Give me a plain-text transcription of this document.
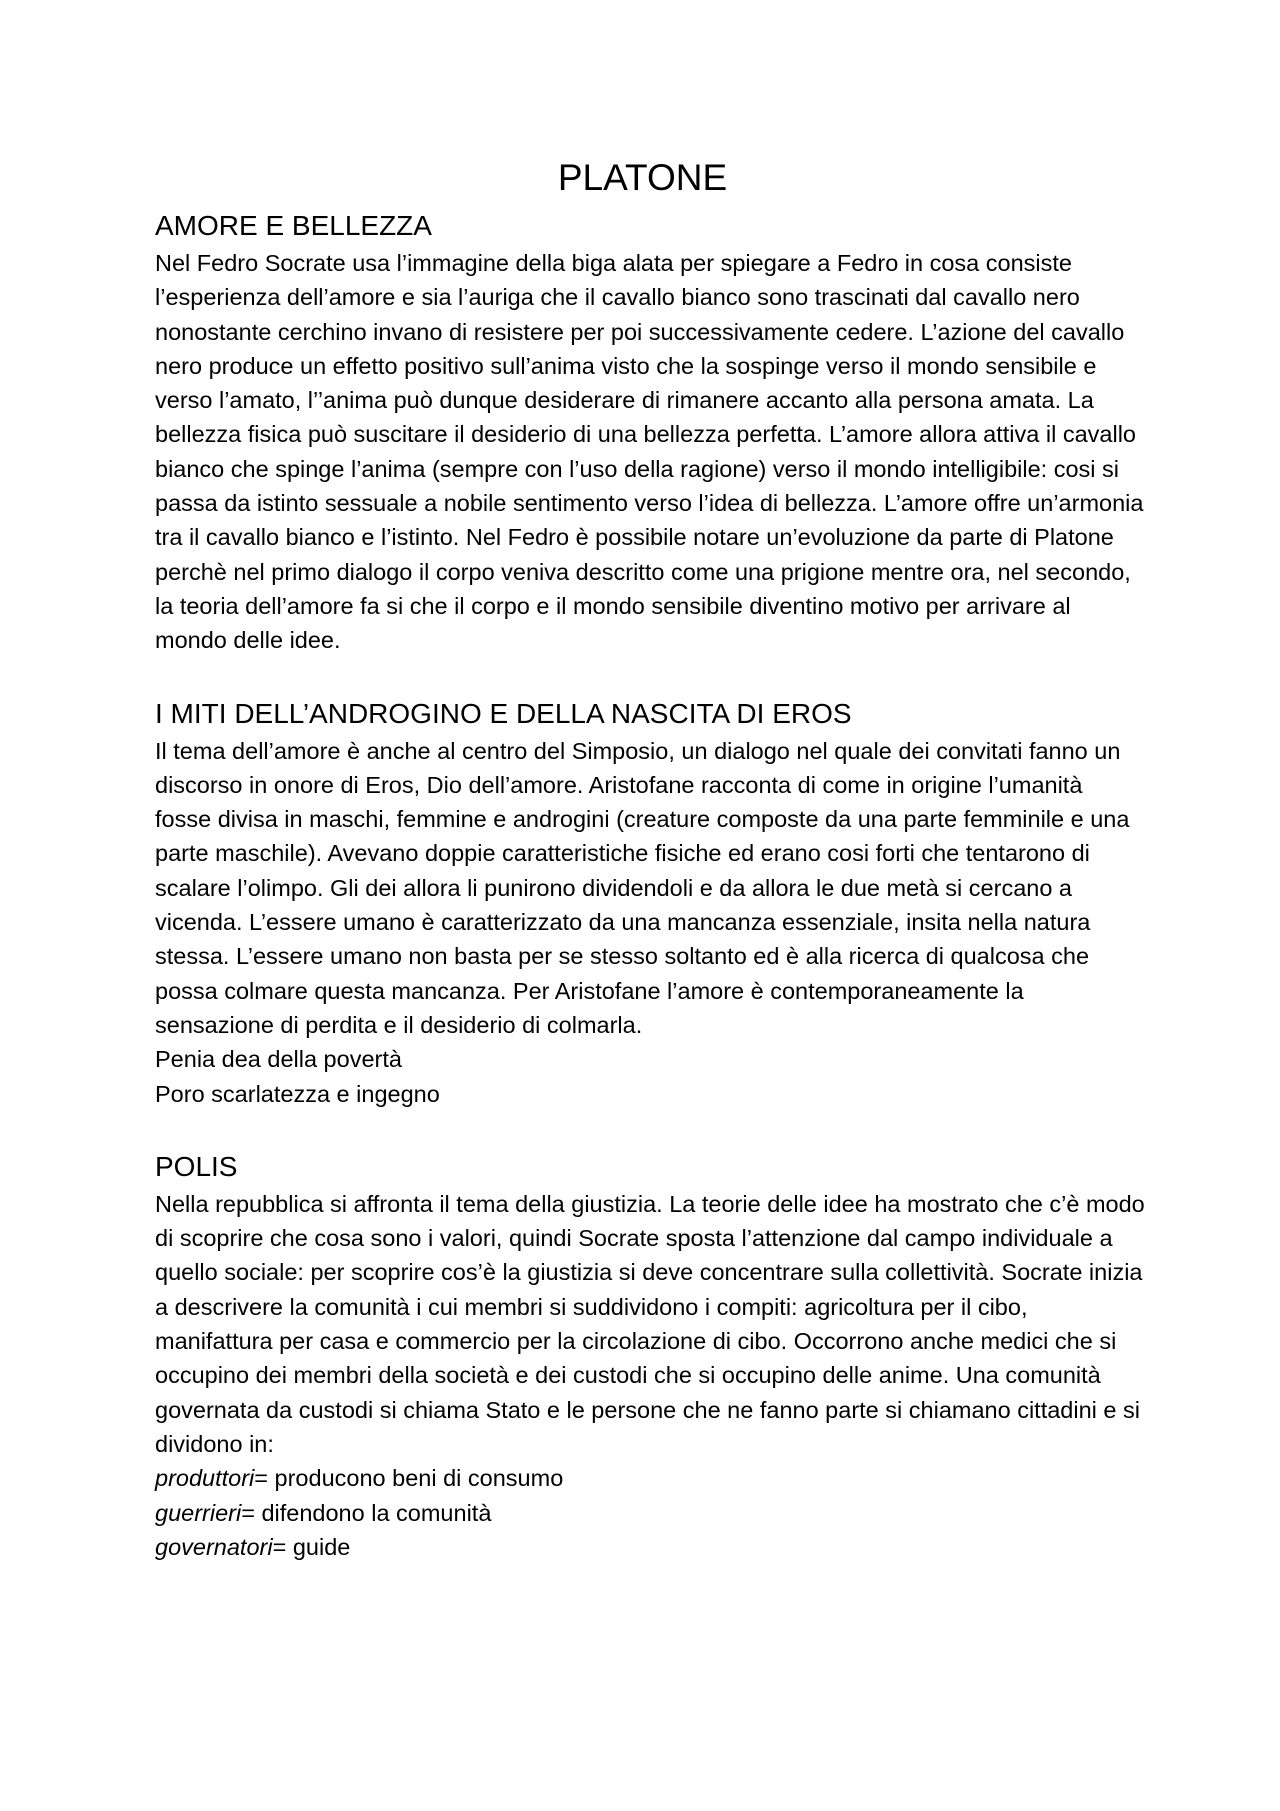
PLATONE
AMORE E BELLEZZA

Nel Fedro Socrate usa l’immagine della biga alata per spiegare a Fedro in cosa consiste l’esperienza dell’amore e sia l’auriga che il cavallo bianco sono trascinati dal cavallo nero nonostante cerchino invano di resistere per poi successivamente cedere. L’azione del cavallo nero produce un effetto positivo sull’anima visto che la sospinge verso il mondo sensibile e verso l’amato, l’’anima può dunque desiderare di rimanere accanto alla persona amata. La bellezza fisica può suscitare il desiderio di una bellezza perfetta. L’amore allora attiva il cavallo bianco che spinge l’anima (sempre con l’uso della ragione) verso il mondo intelligibile: cosi si passa da istinto sessuale a nobile sentimento verso l’idea di bellezza. L’amore offre un’armonia tra il cavallo bianco e l’istinto. Nel Fedro è possibile notare un’evoluzione da parte di Platone perchè nel primo dialogo il corpo veniva descritto come una prigione mentre ora, nel secondo, la teoria dell’amore fa si che il corpo e il mondo sensibile diventino motivo per arrivare al mondo delle idee.

I MITI DELL’ANDROGINO E DELLA NASCITA DI EROS

Il tema dell’amore è anche al centro del Simposio, un dialogo nel quale dei convitati fanno un discorso in onore di Eros, Dio dell’amore. Aristofane racconta di come in origine l’umanità fosse divisa in maschi, femmine e androgini (creature composte da una parte femminile e una parte maschile). Avevano doppie caratteristiche fisiche ed erano cosi forti che tentarono di scalare l’olimpo. Gli dei allora li punirono dividendoli e da allora le due metà si cercano a vicenda. L’essere umano è caratterizzato da una mancanza essenziale, insita nella natura stessa. L’essere umano non basta per se stesso soltanto ed è alla ricerca di qualcosa che possa colmare questa mancanza. Per Aristofane l’amore è contemporaneamente la sensazione di perdita e il desiderio di colmarla.

Penia dea della povertà
Poro scarlatezza e ingegno
POLIS

Nella repubblica si affronta il tema della giustizia. La teorie delle idee ha mostrato che c’è modo di scoprire che cosa sono i valori, quindi Socrate sposta l’attenzione dal campo individuale a quello sociale: per scoprire cos’è la giustizia si deve concentrare sulla collettività. Socrate inizia a descrivere la comunità i cui membri si suddividono i compiti: agricoltura per il cibo, manifattura per casa e commercio per la circolazione di cibo. Occorrono anche medici che si occupino dei membri della società e dei custodi che si occupino delle anime. Una comunità governata da custodi si chiama Stato e le persone che ne fanno parte si chiamano cittadini e si dividono in:

produttori= producono beni di consumo
guerrieri= difendono la comunità
governatori= guide
